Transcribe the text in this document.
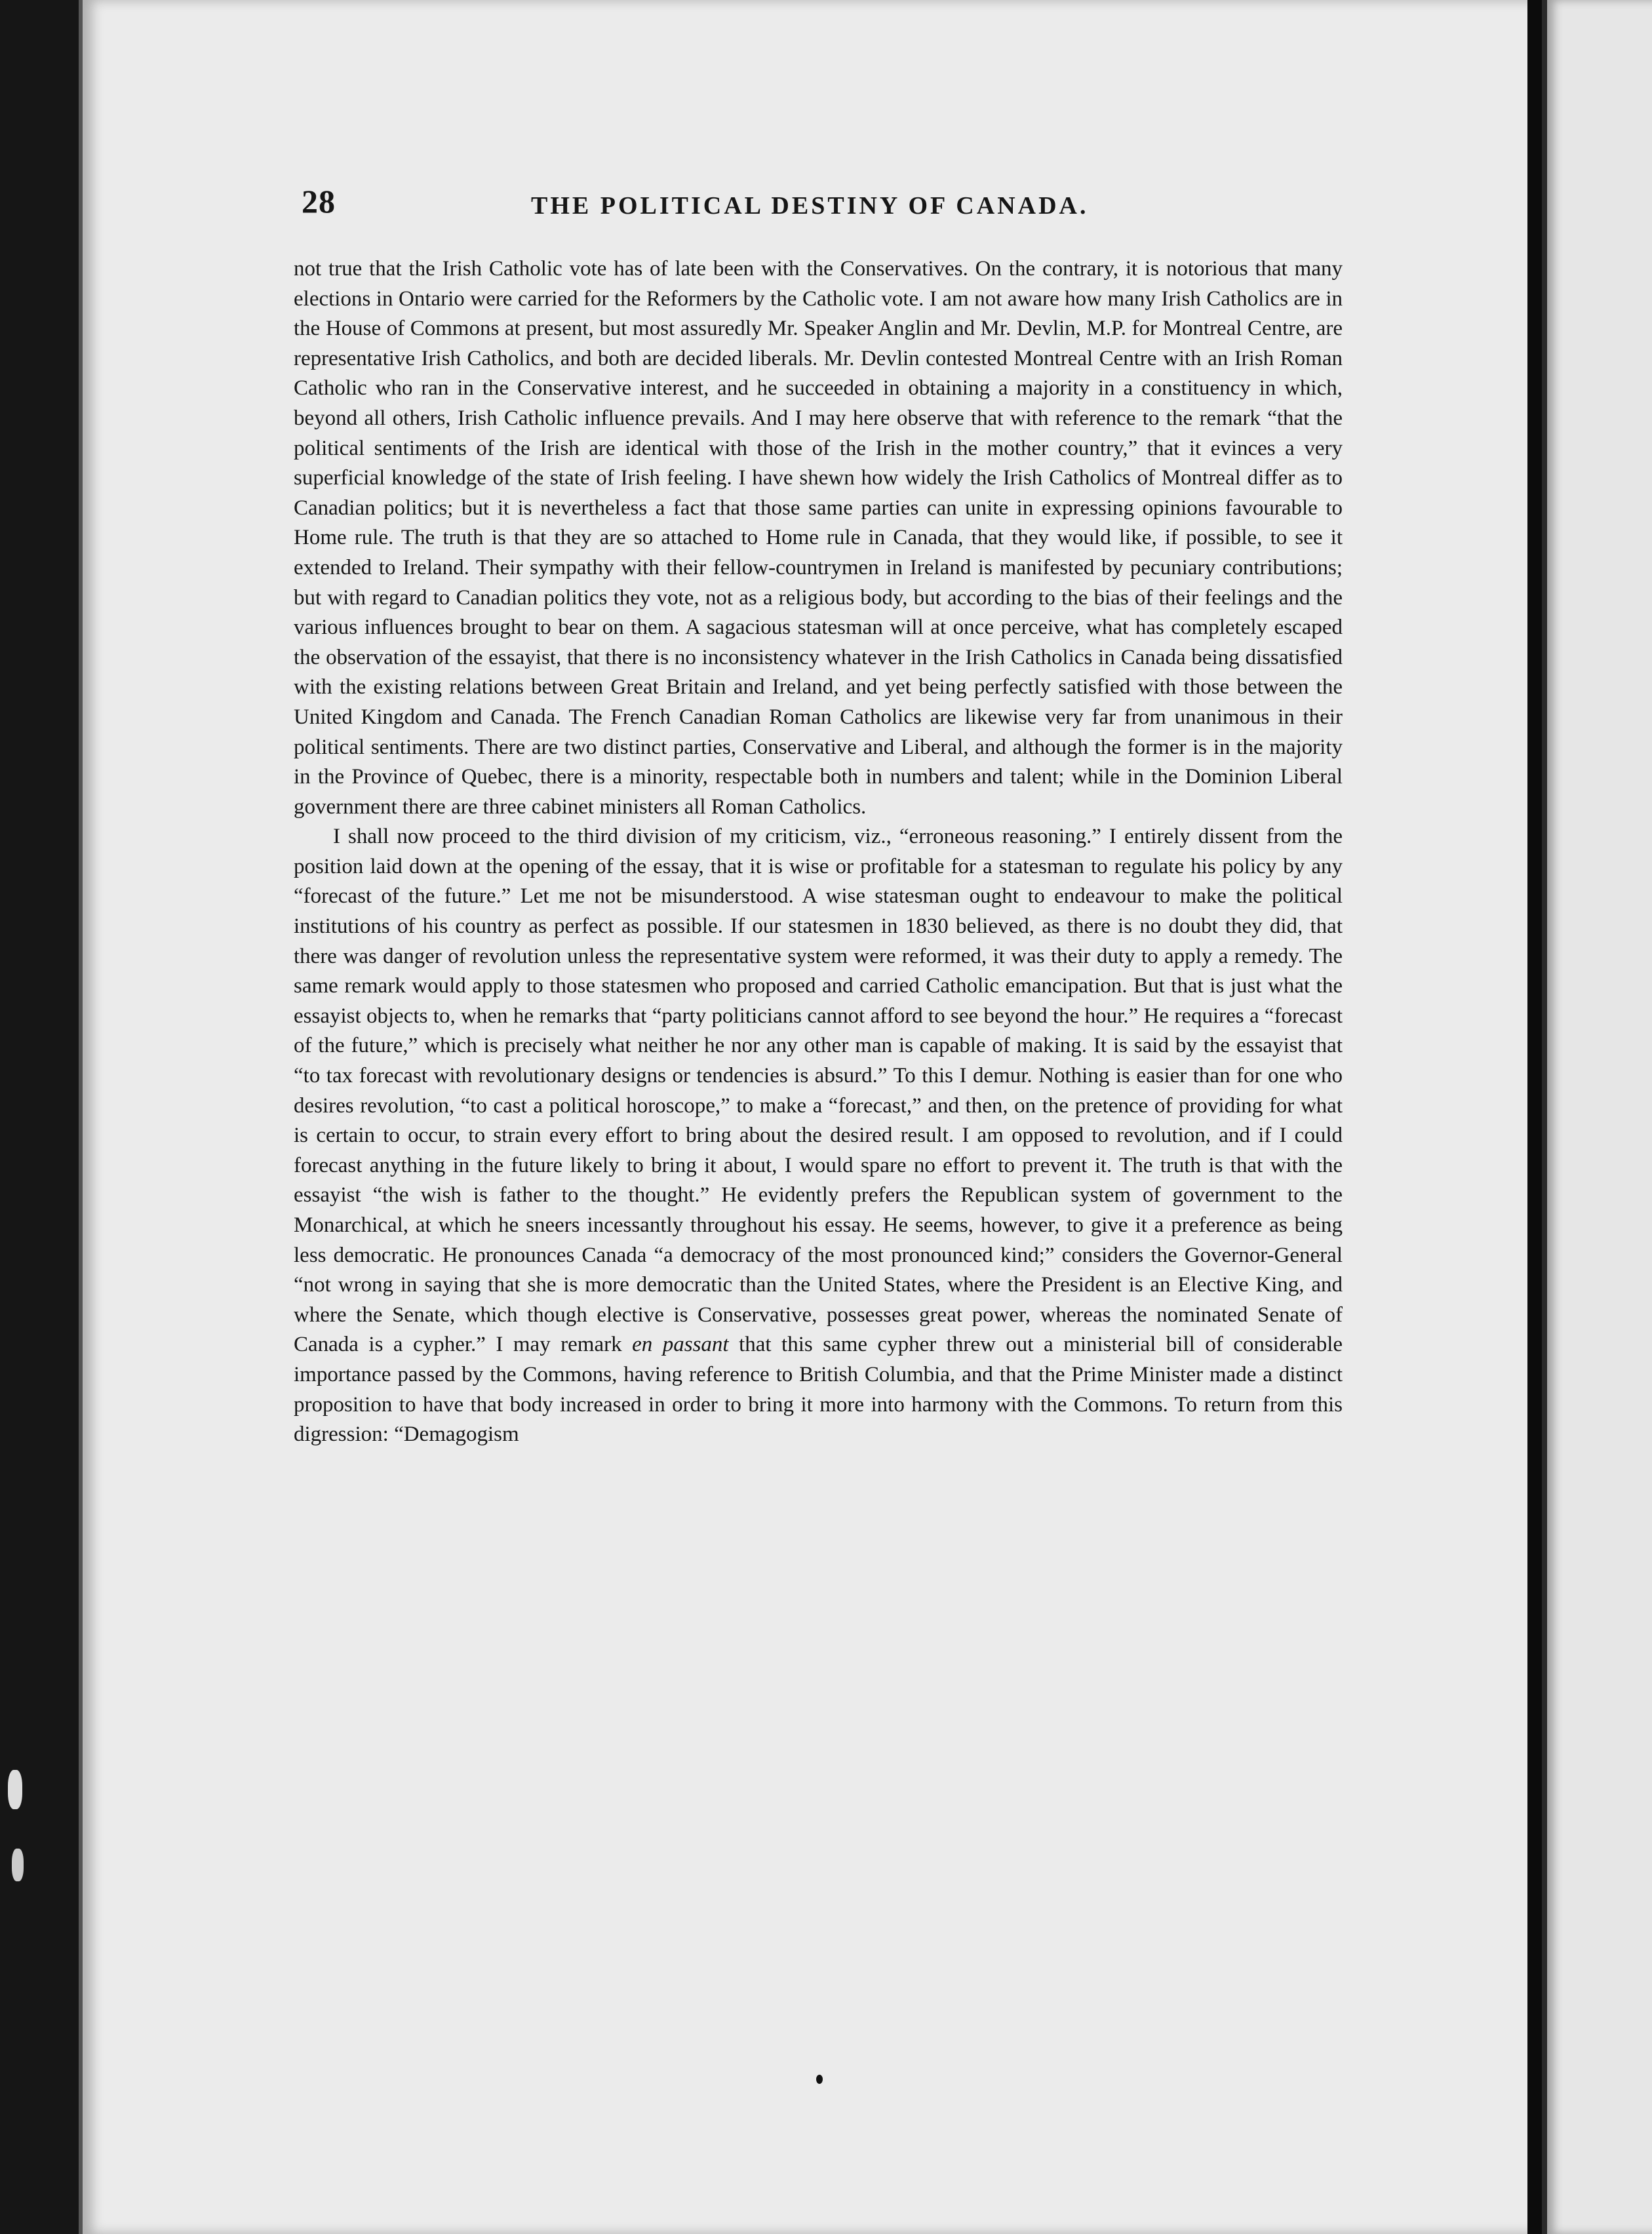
28	THE POLITICAL DESTINY OF CANADA.

not true that the Irish Catholic vote has of late been with the Conservatives. On the contrary, it is notorious that many elections in Ontario were carried for the Reformers by the Catholic vote. I am not aware how many Irish Catholics are in the House of Commons at present, but most assuredly Mr. Speaker Anglin and Mr. Devlin, M.P. for Montreal Centre, are representative Irish Catholics, and both are decided liberals. Mr. Devlin contested Montreal Centre with an Irish Roman Catholic who ran in the Conservative interest, and he succeeded in obtaining a majority in a constituency in which, beyond all others, Irish Catholic influence prevails. And I may here observe that with reference to the remark “that the political sentiments of the Irish are identical with those of the Irish in the mother country,” that it evinces a very superficial knowledge of the state of Irish feeling. I have shewn how widely the Irish Catholics of Montreal differ as to Canadian politics; but it is nevertheless a fact that those same parties can unite in expressing opinions favourable to Home rule. The truth is that they are so attached to Home rule in Canada, that they would like, if possible, to see it extended to Ireland. Their sympathy with their fellow-countrymen in Ireland is manifested by pecuniary contributions; but with regard to Canadian politics they vote, not as a religious body, but according to the bias of their feelings and the various influences brought to bear on them. A sagacious statesman will at once perceive, what has completely escaped the observation of the essayist, that there is no inconsistency whatever in the Irish Catholics in Canada being dissatisfied with the existing relations between Great Britain and Ireland, and yet being perfectly satisfied with those between the United Kingdom and Canada. The French Canadian Roman Catholics are likewise very far from unanimous in their political sentiments. There are two distinct parties, Conservative and Liberal, and although the former is in the majority in the Province of Quebec, there is a minority, respectable both in numbers and talent; while in the Dominion Liberal government there are three cabinet ministers all Roman Catholics.

I shall now proceed to the third division of my criticism, viz., “erroneous reasoning.” I entirely dissent from the position laid down at the opening of the essay, that it is wise or profitable for a statesman to regulate his policy by any “forecast of the future.” Let me not be misunderstood. A wise statesman ought to endeavour to make the political institutions of his country as perfect as possible. If our statesmen in 1830 believed, as there is no doubt they did, that there was danger of revolution unless the representative system were reformed, it was their duty to apply a remedy. The same remark would apply to those statesmen who proposed and carried Catholic emancipation. But that is just what the essayist objects to, when he remarks that “party politicians cannot afford to see beyond the hour.” He requires a “forecast of the future,” which is precisely what neither he nor any other man is capable of making. It is said by the essayist that “to tax forecast with revolutionary designs or tendencies is absurd.” To this I demur. Nothing is easier than for one who desires revolution, “to cast a political horoscope,” to make a “forecast,” and then, on the pretence of providing for what is certain to occur, to strain every effort to bring about the desired result. I am opposed to revolution, and if I could forecast anything in the future likely to bring it about, I would spare no effort to prevent it. The truth is that with the essayist “the wish is father to the thought.” He evidently prefers the Republican system of government to the Monarchical, at which he sneers incessantly throughout his essay. He seems, however, to give it a preference as being less democratic. He pronounces Canada “a democracy of the most pronounced kind;” considers the Governor-General “not wrong in saying that she is more democratic than the United States, where the President is an Elective King, and where the Senate, which though elective is Conservative, possesses great power, whereas the nominated Senate of Canada is a cypher.” I may remark en passant that this same cypher threw out a ministerial bill of considerable importance passed by the Commons, having reference to British Columbia, and that the Prime Minister made a distinct proposition to have that body increased in order to bring it more into harmony with the Commons. To return from this digression: “Demagogism
